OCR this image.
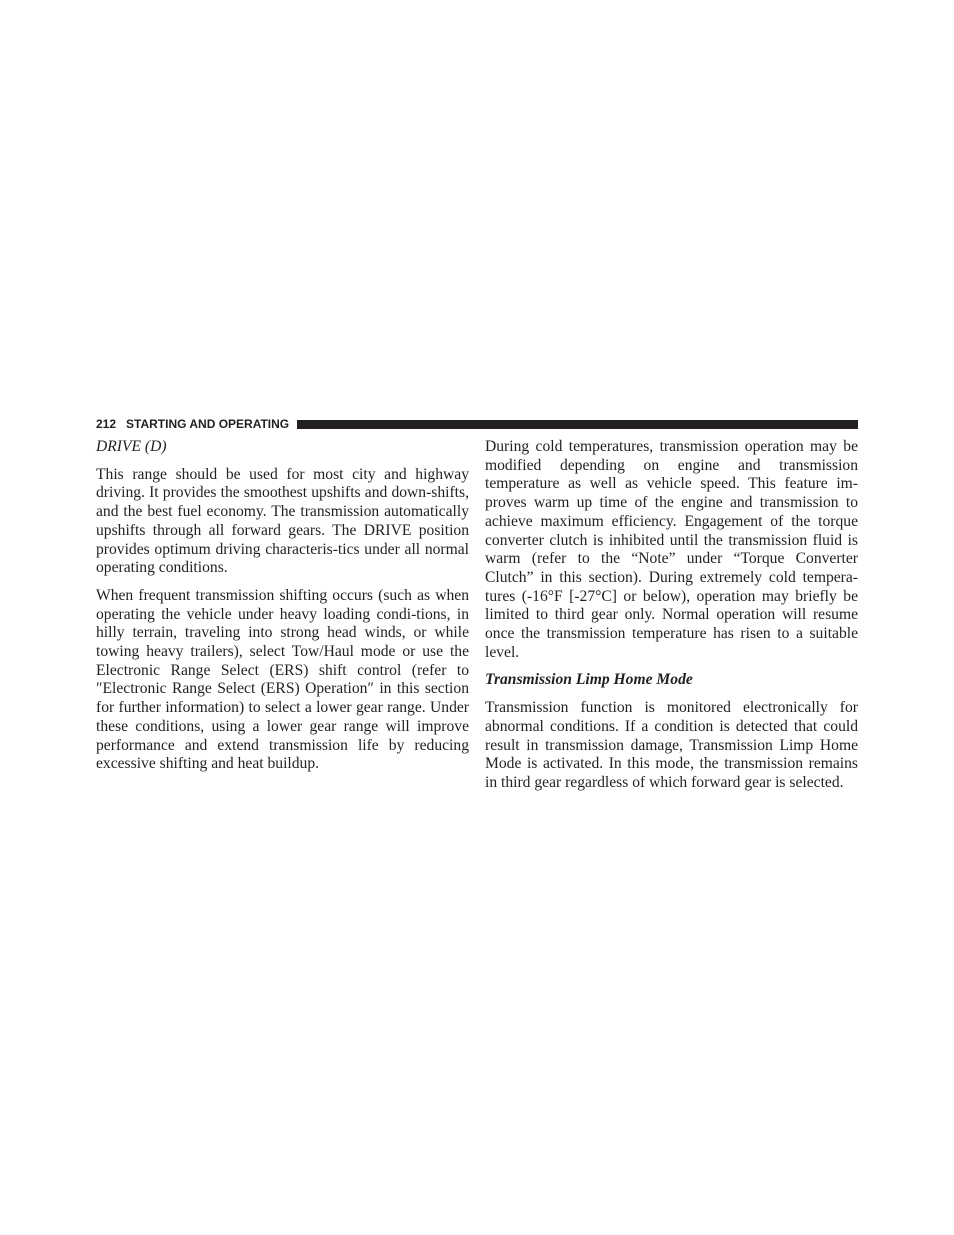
212 STARTING AND OPERATING
DRIVE (D)

This range should be used for most city and highway driving. It provides the smoothest upshifts and down-shifts, and the best fuel economy. The transmission automatically upshifts through all forward gears. The DRIVE position provides optimum driving characteris-tics under all normal operating conditions.

When frequent transmission shifting occurs (such as when operating the vehicle under heavy loading condi-tions, in hilly terrain, traveling into strong head winds, or while towing heavy trailers), select Tow/Haul mode or use the Electronic Range Select (ERS) shift control (refer to ″Electronic Range Select (ERS) Operation″ in this section for further information) to select a lower gear range. Under these conditions, using a lower gear range will improve performance and extend transmission life by reducing excessive shifting and heat buildup.

During cold temperatures, transmission operation may be modified depending on engine and transmission temperature as well as vehicle speed. This feature im-proves warm up time of the engine and transmission to achieve maximum efficiency. Engagement of the torque converter clutch is inhibited until the transmission fluid is warm (refer to the “Note” under “Torque Converter Clutch” in this section). During extremely cold tempera-tures (-16°F [-27°C] or below), operation may briefly be limited to third gear only. Normal operation will resume once the transmission temperature has risen to a suitable level.

Transmission Limp Home Mode

Transmission function is monitored electronically for abnormal conditions. If a condition is detected that could result in transmission damage, Transmission Limp Home Mode is activated. In this mode, the transmission remains in third gear regardless of which forward gear is selected.
